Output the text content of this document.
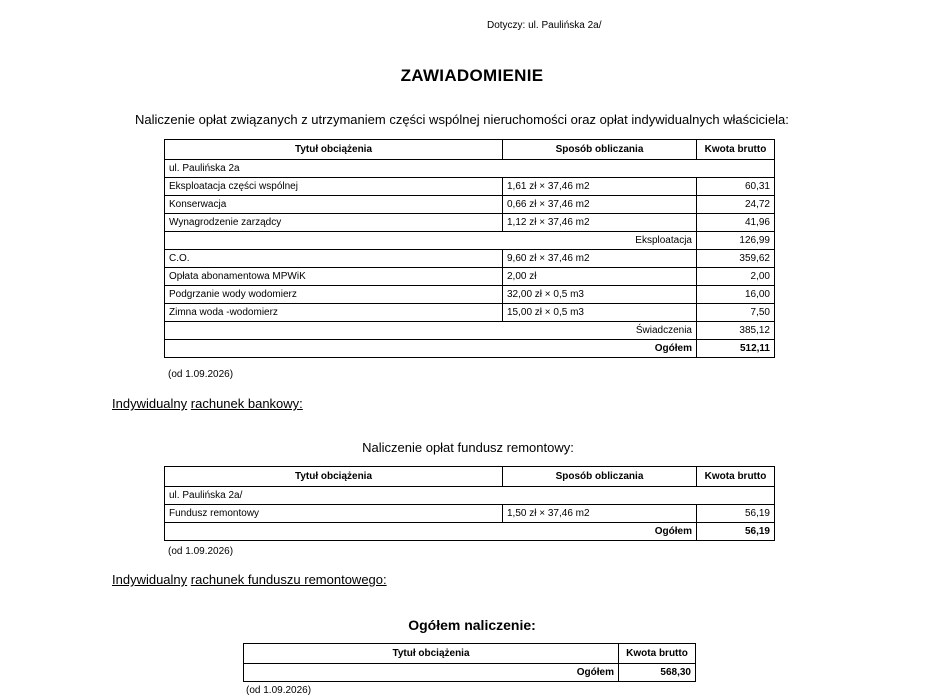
Dotyczy: ul. Paulińska 2a/
ZAWIADOMIENIE
Naliczenie opłat związanych z utrzymaniem części wspólnej nieruchomości oraz opłat indywidualnych właściciela:
Tytuł obciążenia	Sposób obliczania	Kwota brutto
ul. Paulińska 2a		
Eksploatacja części wspólnej	1,61 zł × 37,46 m2	60,31
Konserwacja	0,66 zł × 37,46 m2	24,72
Wynagrodzenie zarządcy	1,12 zł × 37,46 m2	41,96
Eksploatacja		126,99
C.O.	9,60 zł × 37,46 m2	359,62
Opłata abonamentowa MPWiK	2,00 zł	2,00
Podgrzanie wody wodomierz	32,00 zł × 0,5 m3	16,00
Zimna woda -wodomierz	15,00 zł × 0,5 m3	7,50
Świadczenia		385,12
Ogółem		512,11
(od 1.09.2026)
Indywidualny rachunek bankowy:
Naliczenie opłat fundusz remontowy:
Tytuł obciążenia	Sposób obliczania	Kwota brutto
ul. Paulińska 2a/		
Fundusz remontowy	1,50 zł × 37,46 m2	56,19
Ogółem		56,19
(od 1.09.2026)
Indywidualny rachunek funduszu remontowego:
Ogółem naliczenie:
Tytuł obciążenia	Kwota brutto
Ogółem	568,30
(od 1.09.2026)
